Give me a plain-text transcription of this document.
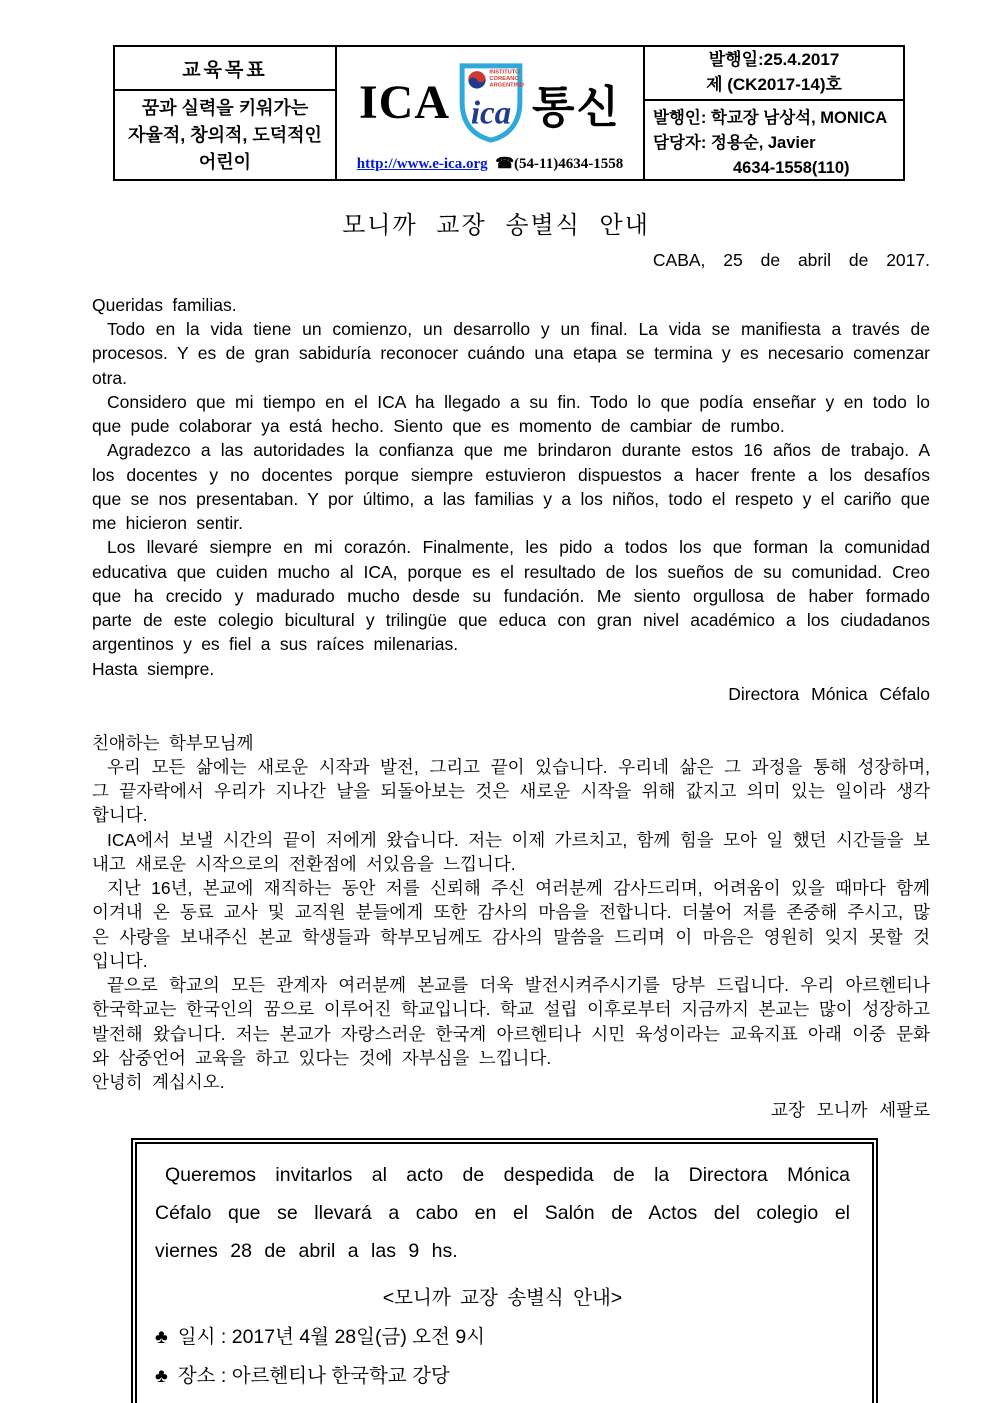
교육목표
꿈과 실력을 키워가는
자율적, 창의적, 도덕적인
어린이
ICA
INSTITUTO
COREANO
ARGENTINO
ica 통신
http://www.e-ica.org ☎(54-11)4634-1558
발행일:25.4.2017
제 (CK2017-14)호
발행인: 학교장 남상석, MONICA
담당자: 정용순, Javier
4634-1558(110)
모니까 교장 송별식 안내
CABA, 25 de abril de 2017.

Queridas familias.

Todo en la vida tiene un comienzo, un desarrollo y un final. La vida se manifiesta a través de procesos. Y es de gran sabiduría reconocer cuándo una etapa se termina y es necesario comenzar otra.

Considero que mi tiempo en el ICA ha llegado a su fin. Todo lo que podía enseñar y en todo lo que pude colaborar ya está hecho. Siento que es momento de cambiar de rumbo.

Agradezco a las autoridades la confianza que me brindaron durante estos 16 años de trabajo. A los docentes y no docentes porque siempre estuvieron dispuestos a hacer frente a los desafíos que se nos presentaban. Y por último, a las familias y a los niños, todo el respeto y el cariño que me hicieron sentir.

Los llevaré siempre en mi corazón. Finalmente, les pido a todos los que forman la comunidad educativa que cuiden mucho al ICA, porque es el resultado de los sueños de su comunidad. Creo que ha crecido y madurado mucho desde su fundación. Me siento orgullosa de haber formado parte de este colegio bicultural y trilingüe que educa con gran nivel académico a los ciudadanos argentinos y es fiel a sus raíces milenarias.

Hasta siempre.

Directora Mónica Céfalo

친애하는 학부모님께

우리 모든 삶에는 새로운 시작과 발전, 그리고 끝이 있습니다. 우리네 삶은 그 과정을 통해 성장하며, 그 끝자락에서 우리가 지나간 날을 되돌아보는 것은 새로운 시작을 위해 값지고 의미 있는 일이라 생각합니다.

ICA에서 보낼 시간의 끝이 저에게 왔습니다. 저는 이제 가르치고, 함께 힘을 모아 일 했던 시간들을 보내고 새로운 시작으로의 전환점에 서있음을 느낍니다.

지난 16년, 본교에 재직하는 동안 저를 신뢰해 주신 여러분께 감사드리며, 어려움이 있을 때마다 함께 이겨내 온 동료 교사 및 교직원 분들에게 또한 감사의 마음을 전합니다. 더불어 저를 존중해 주시고, 많은 사랑을 보내주신 본교 학생들과 학부모님께도 감사의 말씀을 드리며 이 마음은 영원히 잊지 못할 것입니다.

끝으로 학교의 모든 관계자 여러분께 본교를 더욱 발전시켜주시기를 당부 드립니다. 우리 아르헨티나 한국학교는 한국인의 꿈으로 이루어진 학교입니다. 학교 설립 이후로부터 지금까지 본교는 많이 성장하고 발전해 왔습니다. 저는 본교가 자랑스러운 한국계 아르헨티나 시민 육성이라는 교육지표 아래 이중 문화와 삼중언어 교육을 하고 있다는 것에 자부심을 느낍니다.

안녕히 계십시오.

교장 모니까 세팔로

Queremos invitarlos al acto de despedida de la Directora Mónica Céfalo que se llevará a cabo en el Salón de Actos del colegio el viernes 28 de abril a las 9 hs.

<모니까 교장 송별식 안내>
♣ 일시 : 2017년 4월 28일(금) 오전 9시
♣ 장소 : 아르헨티나 한국학교 강당
